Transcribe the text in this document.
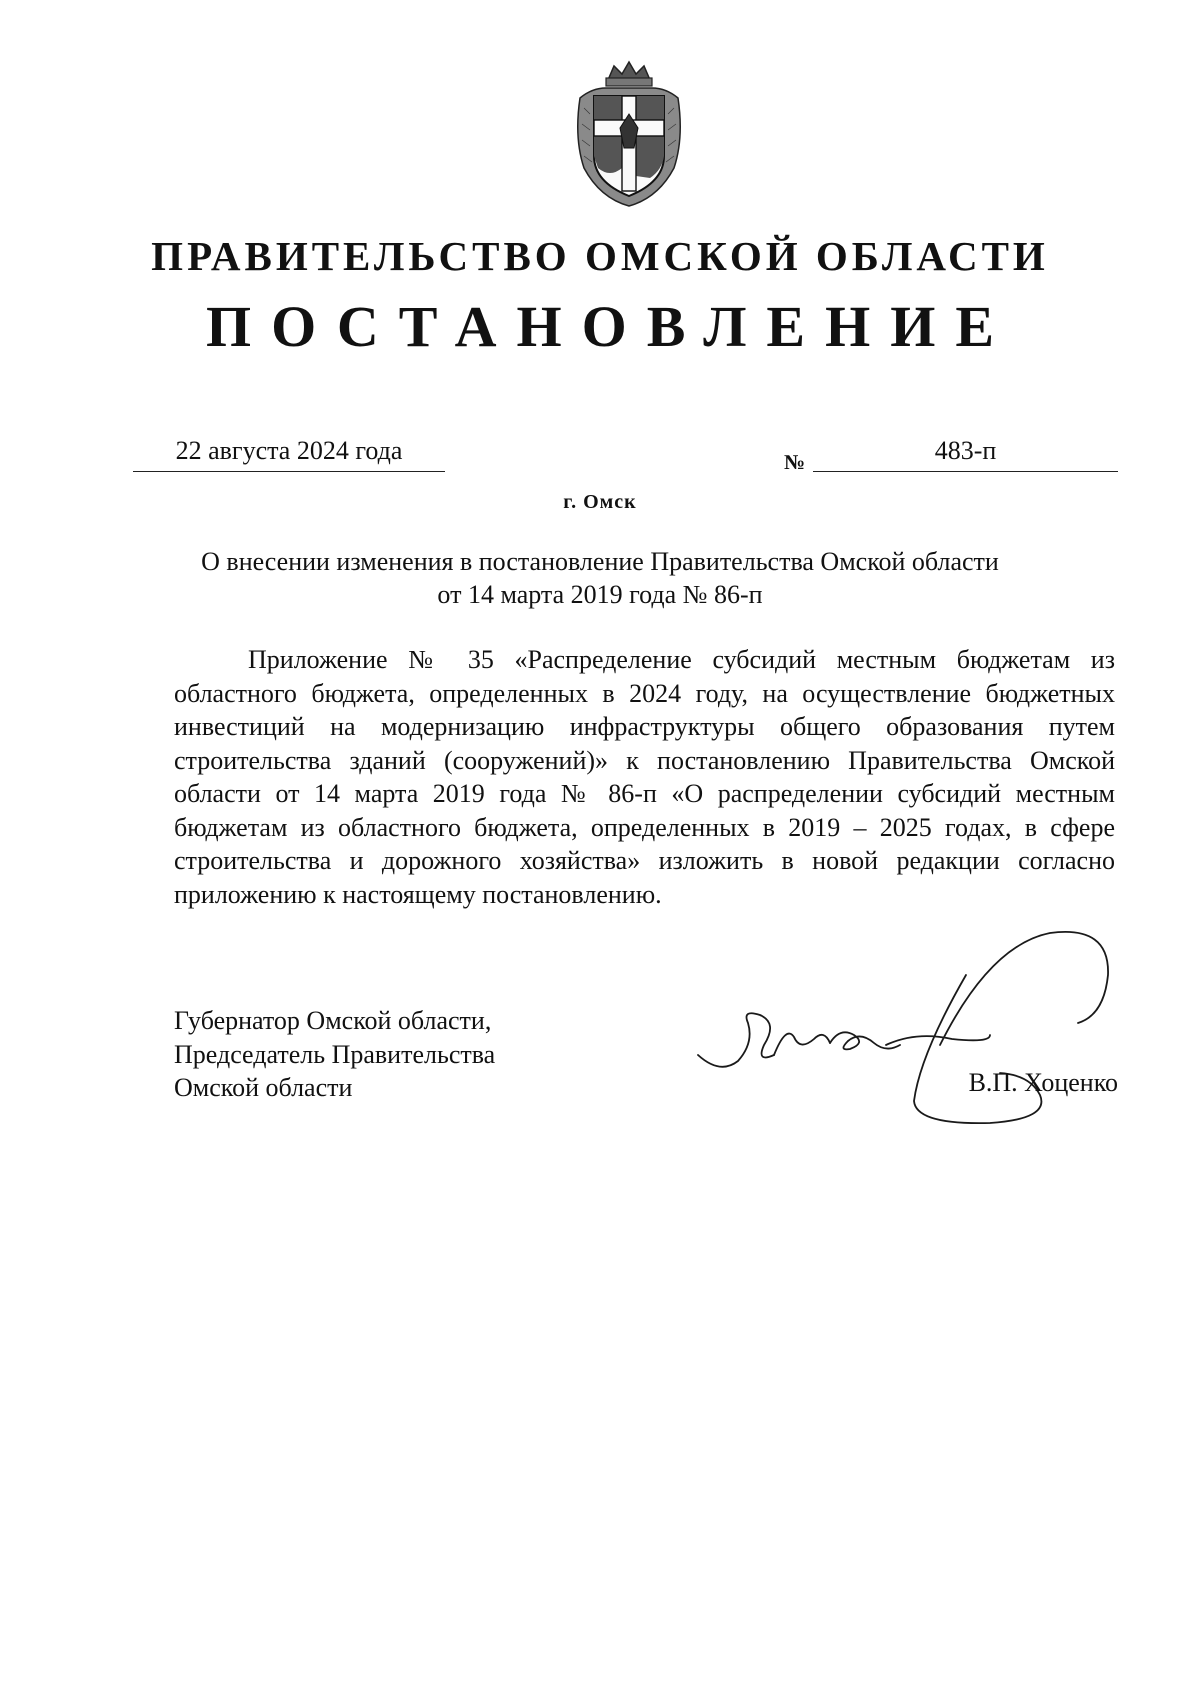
ПРАВИТЕЛЬСТВО ОМСКОЙ ОБЛАСТИ
ПОСТАНОВЛЕНИЕ
22 августа 2024 года	№	483-п
г. Омск
О внесении изменения в постановление Правительства Омской области
от 14 марта 2019 года № 86-п
Приложение № 35 «Распределение субсидий местным бюджетам из областного бюджета, определенных в 2024 году, на осуществление бюджетных инвестиций на модернизацию инфраструктуры общего образования путем строительства зданий (сооружений)» к постановлению Правительства Омской области от 14 марта 2019 года № 86-п «О распределении субсидий местным бюджетам из областного бюджета, определенных в 2019 – 2025 годах, в сфере строительства и дорожного хозяйства» изложить в новой редакции согласно приложению к настоящему постановлению.
Губернатор Омской области,
Председатель Правительства
Омской области	В.П. Хоценко
